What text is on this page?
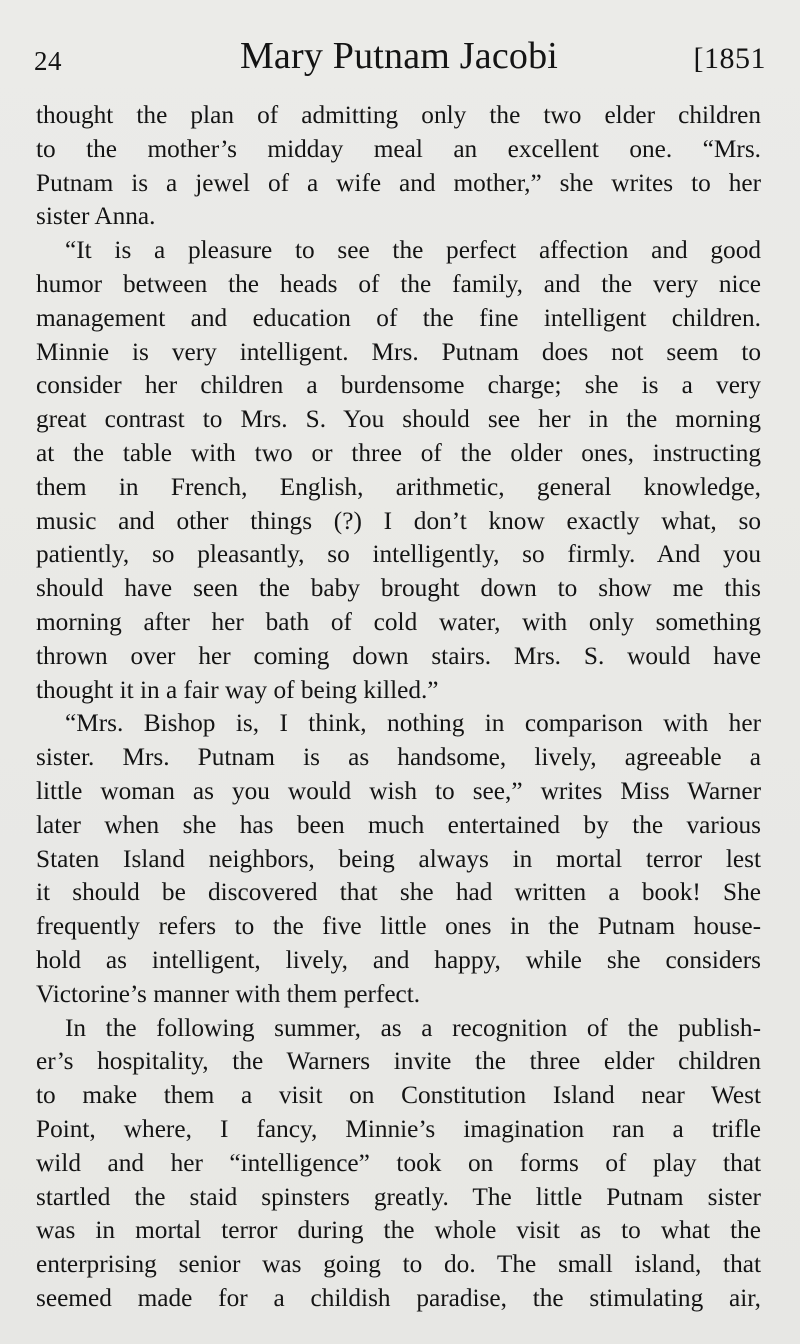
24	Mary Putnam Jacobi	[1851
thought the plan of admitting only the two elder children
to the mother’s midday meal an excellent one. “Mrs.
Putnam is a jewel of a wife and mother,” she writes to her
sister Anna.
“It is a pleasure to see the perfect affection and good
humor between the heads of the family, and the very nice
management and education of the fine intelligent children.
Minnie is very intelligent. Mrs. Putnam does not seem to
consider her children a burdensome charge; she is a very
great contrast to Mrs. S. You should see her in the morning
at the table with two or three of the older ones, instructing
them in French, English, arithmetic, general knowledge,
music and other things (?) I don’t know exactly what, so
patiently, so pleasantly, so intelligently, so firmly. And you
should have seen the baby brought down to show me this
morning after her bath of cold water, with only something
thrown over her coming down stairs. Mrs. S. would have
thought it in a fair way of being killed.”
“Mrs. Bishop is, I think, nothing in comparison with her
sister. Mrs. Putnam is as handsome, lively, agreeable a
little woman as you would wish to see,” writes Miss Warner
later when she has been much entertained by the various
Staten Island neighbors, being always in mortal terror lest
it should be discovered that she had written a book! She
frequently refers to the five little ones in the Putnam house-
hold as intelligent, lively, and happy, while she considers
Victorine’s manner with them perfect.
In the following summer, as a recognition of the publish-
er’s hospitality, the Warners invite the three elder children
to make them a visit on Constitution Island near West
Point, where, I fancy, Minnie’s imagination ran a trifle
wild and her “intelligence” took on forms of play that
startled the staid spinsters greatly. The little Putnam sister
was in mortal terror during the whole visit as to what the
enterprising senior was going to do. The small island, that
seemed made for a childish paradise, the stimulating air,
